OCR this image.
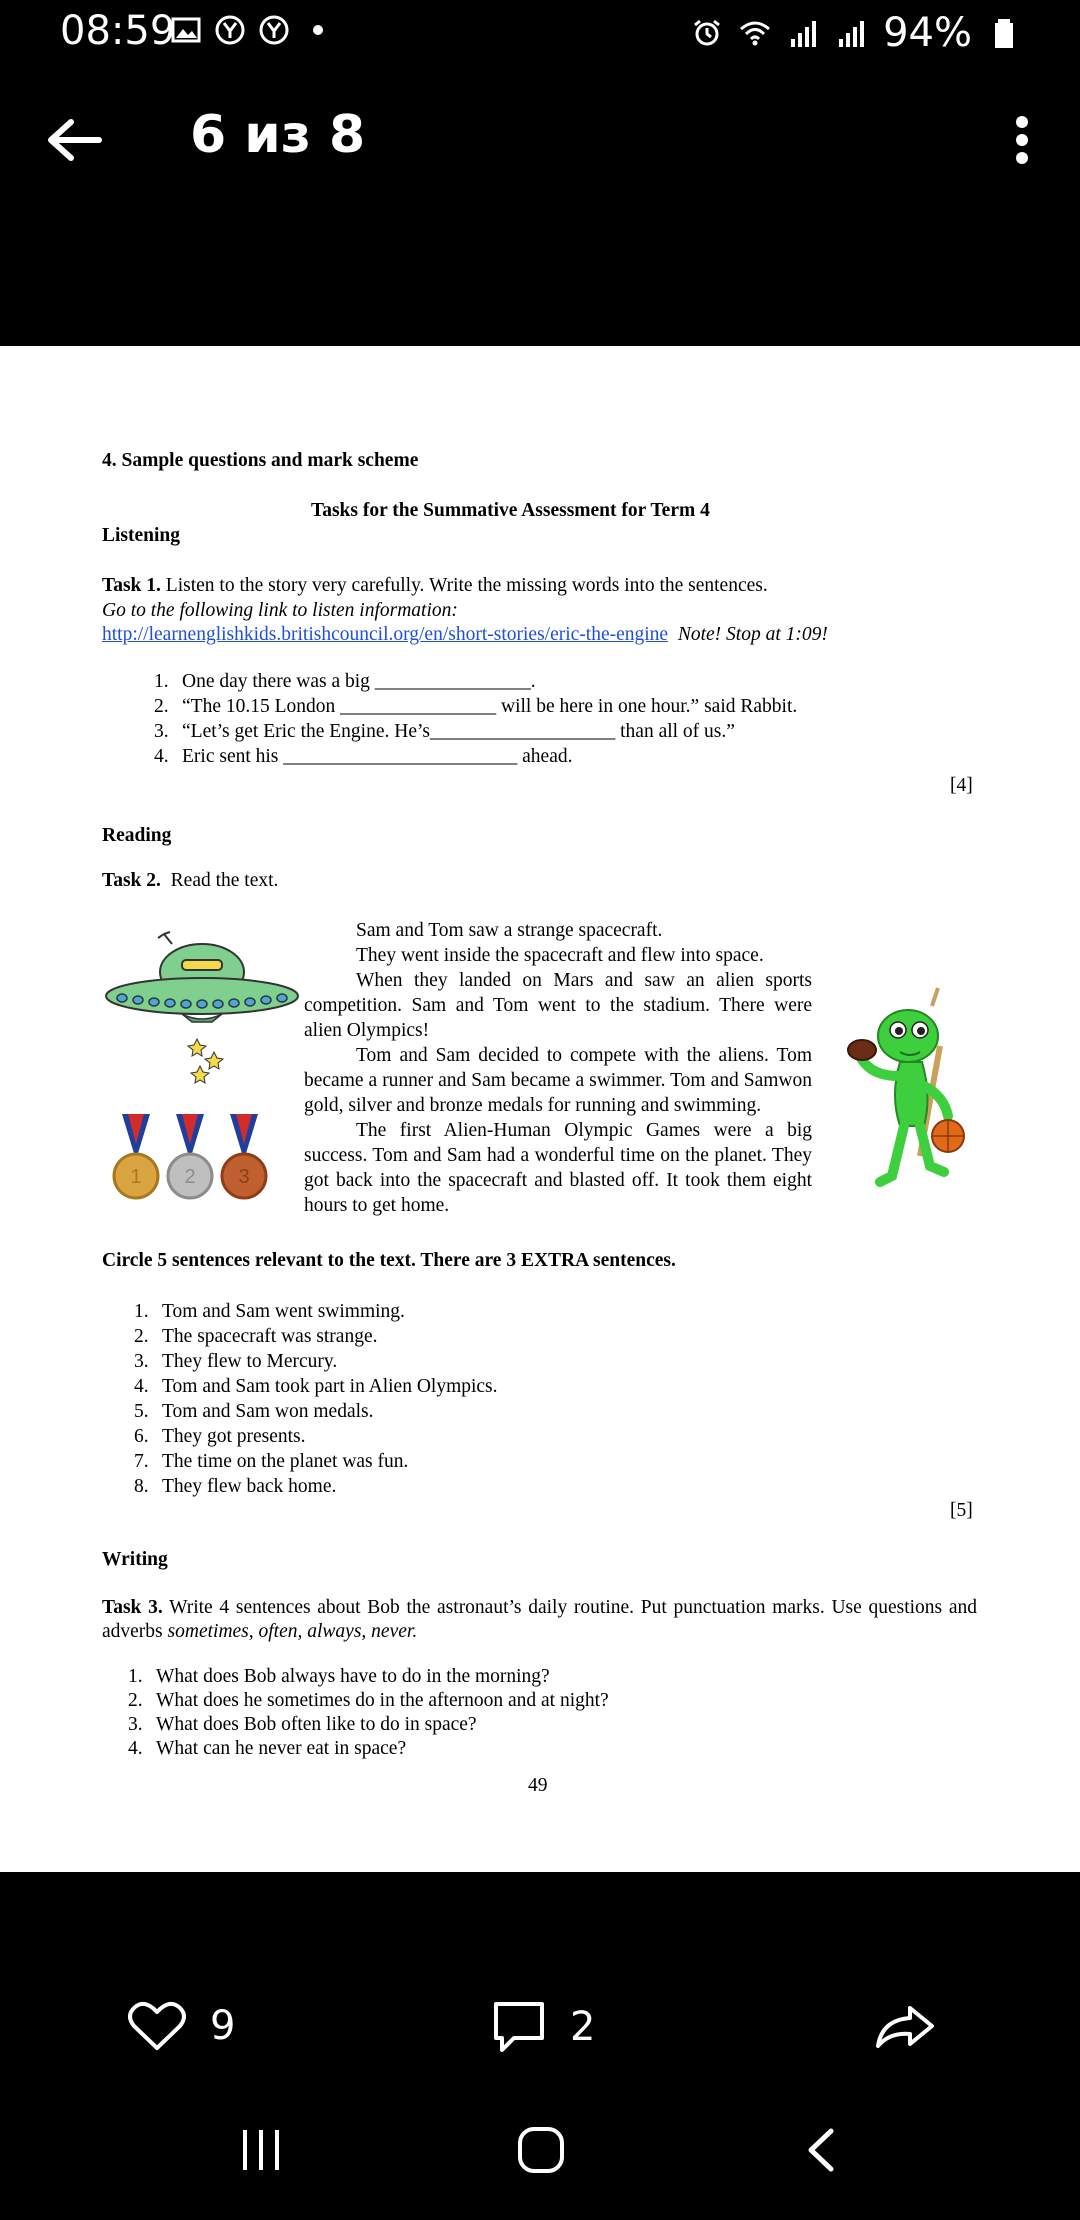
08:59	94%
6 из 8
4. Sample questions and mark scheme
Tasks for the Summative Assessment for Term 4
Listening
Task 1. Listen to the story very carefully. Write the missing words into the sentences.
Go to the following link to listen information:
http://learnenglishkids.britishcouncil.org/en/short-stories/eric-the-engine Note! Stop at 1:09!
1. One day there was a big ________________.
2. “The 10.15 London ________________ will be here in one hour.” said Rabbit.
3. “Let’s get Eric the Engine. He’s___________________ than all of us.”
4. Eric sent his ________________________ ahead.
[4]
Reading
Task 2. Read the text.
1 2 3
Sam and Tom saw a strange spacecraft.
They went inside the spacecraft and flew into space.
When they landed on Mars and saw an alien sports competition. Sam and Tom went to the stadium. There were alien Olympics!
Tom and Sam decided to compete with the aliens. Tom became a runner and Sam became a swimmer. Tom and Samwon gold, silver and bronze medals for running and swimming.
The first Alien-Human Olympic Games were a big success. Tom and Sam had a wonderful time on the planet. They got back into the spacecraft and blasted off. It took them eight hours to get home.
Circle 5 sentences relevant to the text. There are 3 EXTRA sentences.
1. Tom and Sam went swimming.
2. The spacecraft was strange.
3. They flew to Mercury.
4. Tom and Sam took part in Alien Olympics.
5. Tom and Sam won medals.
6. They got presents.
7. The time on the planet was fun.
8. They flew back home.
[5]
Writing
Task 3. Write 4 sentences about Bob the astronaut’s daily routine. Put punctuation marks. Use questions and adverbs sometimes, often, always, never.
1. What does Bob always have to do in the morning?
2. What does he sometimes do in the afternoon and at night?
3. What does Bob often like to do in space?
4. What can he never eat in space?
49
9	2
